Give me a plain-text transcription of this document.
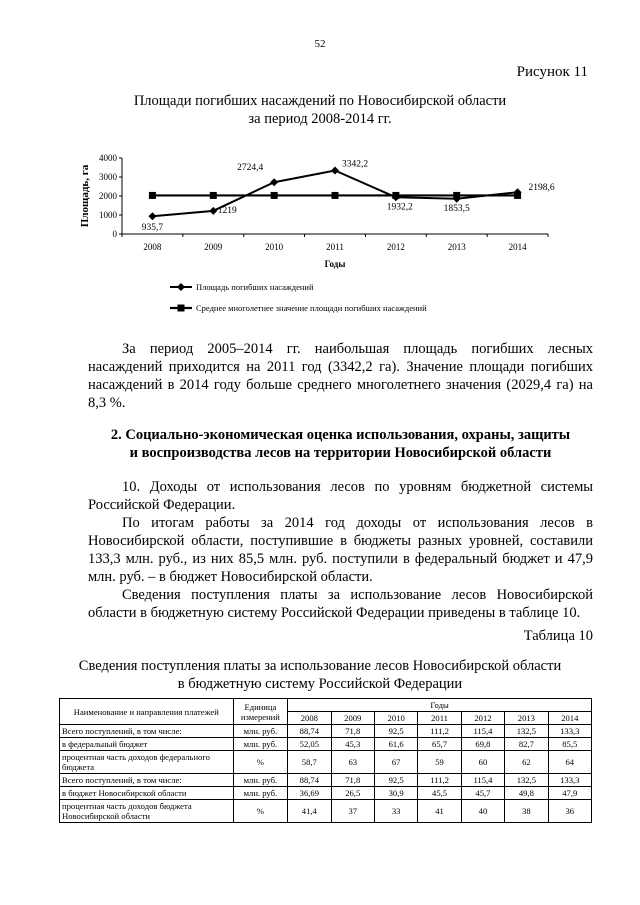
52
Рисунок 11
Площади погибших насаждений по Новосибирской области
за период 2008-2014 гг.
0
1000
2000
3000
4000
2008	2009	2010	2011	2012	2013	2014
Площадь, га
Годы
935,7
1219
2724,4	3342,2
1932,2	1853,5
2198,6
Площадь погибших насаждений
Среднее многолетнее значение площади погибших насаждений
За период 2005–2014 гг. наибольшая площадь погибших лесных насаждений приходится на 2011 год (3342,2 га). Значение площади погибших насаждений в 2014 году больше среднего многолетнего значения (2029,4 га) на 8,3 %.
2. Социально-экономическая оценка использования, охраны, защиты
и воспроизводства лесов на территории Новосибирской области
10. Доходы от использования лесов по уровням бюджетной системы Российской Федерации.
По итогам работы за 2014 год доходы от использования лесов в Новосибирской области, поступившие в бюджеты разных уровней, составили 133,3 млн. руб., из них 85,5 млн. руб. поступили в федеральный бюджет и 47,9 млн. руб. – в бюджет Новосибирской области.
Сведения поступления платы за использование лесов Новосибирской области в бюджетную систему Российской Федерации приведены в таблице 10.
Таблица 10
Сведения поступления платы за использование лесов Новосибирской области
в бюджетную систему Российской Федерации
Наименование и направления платежей	Единица измерений	Годы						
		2008	2009	2010	2011	2012	2013	2014
Всего поступлений, в том числе:	млн. руб.	88,74	71,8	92,5	111,2	115,4	132,5	133,3
в федеральный бюджет	млн. руб.	52,05	45,3	61,6	65,7	69,8	82,7	85,5
процентная часть доходов федерального бюджета	%	58,7	63	67	59	60	62	64
Всего поступлений, в том числе:	млн. руб.	88,74	71,8	92,5	111,2	115,4	132,5	133,3
в бюджет Новосибирской области	млн. руб.	36,69	26,5	30,9	45,5	45,7	49,8	47,9
процентная часть доходов бюджета Новосибирской области	%	41,4	37	33	41	40	38	36
